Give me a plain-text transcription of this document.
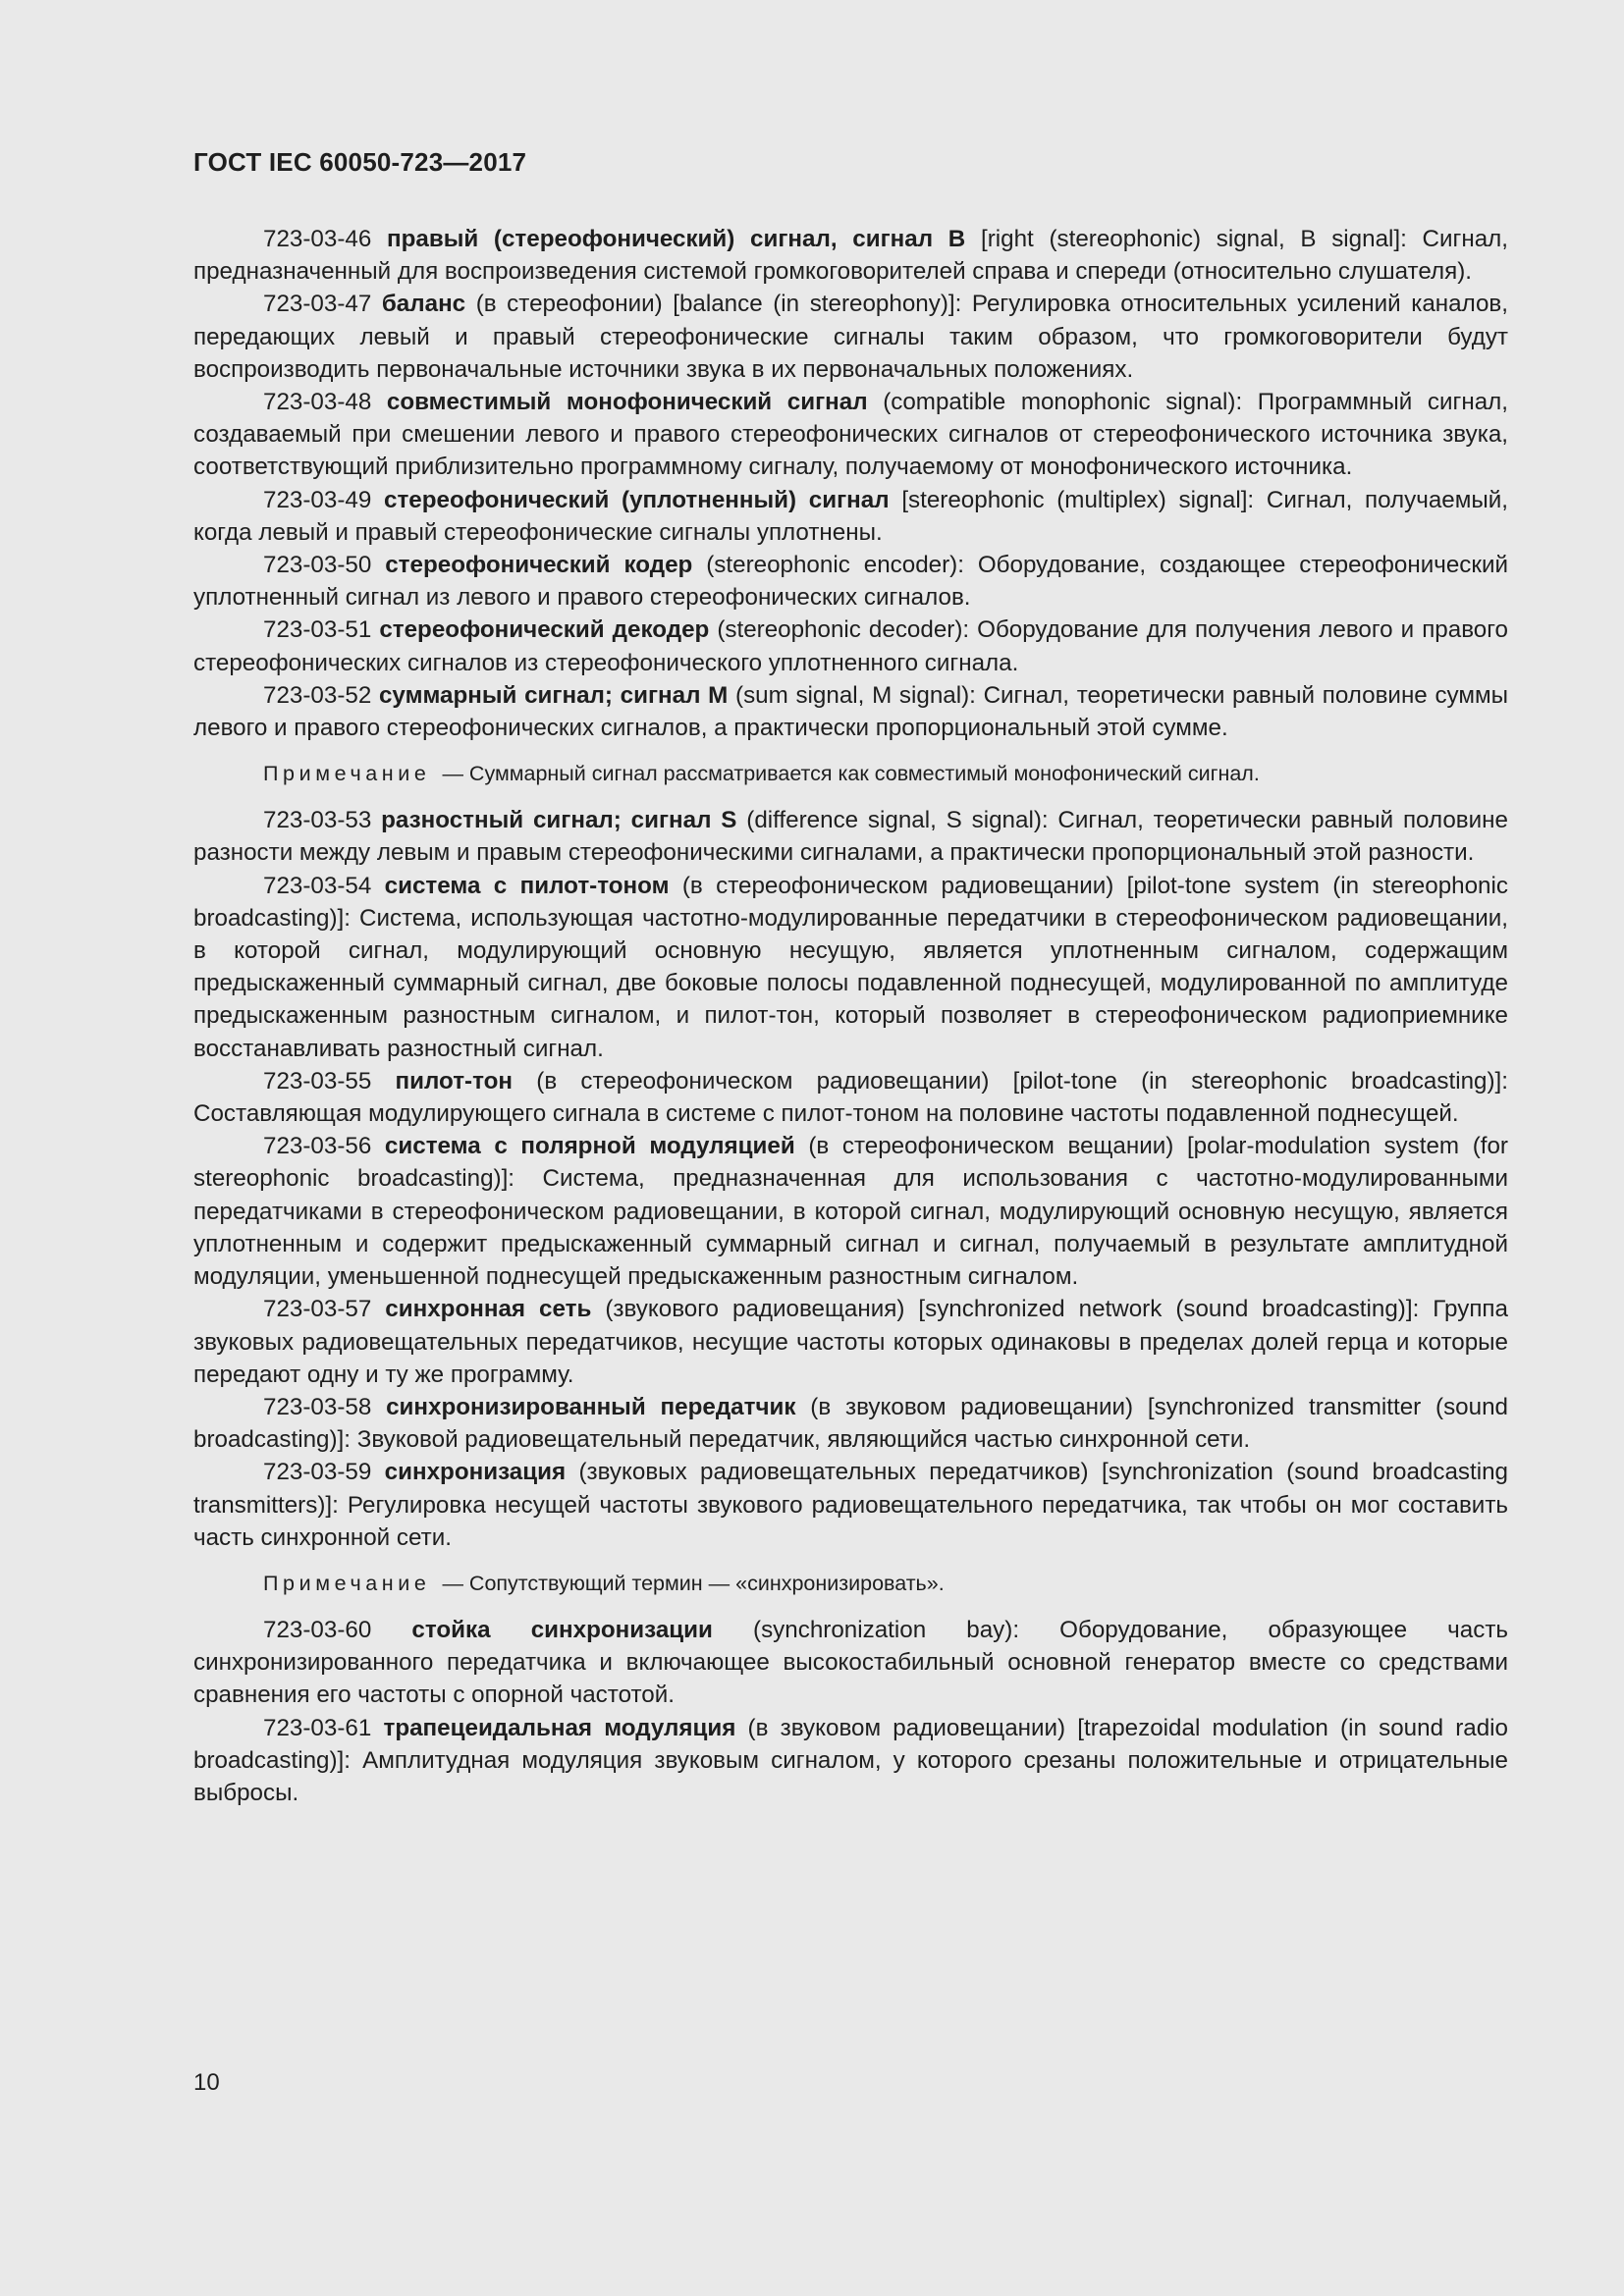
ГОСТ IEC 60050-723—2017

723-03-46 правый (стереофонический) сигнал, сигнал B [right (stereophonic) signal, B signal]: Сигнал, предназначенный для воспроизведения системой громкоговорителей справа и спереди (относительно слушателя).

723-03-47 баланс (в стереофонии) [balance (in stereophony)]: Регулировка относительных усилений каналов, передающих левый и правый стереофонические сигналы таким образом, что громкоговорители будут воспроизводить первоначальные источники звука в их первоначальных положениях.

723-03-48 совместимый монофонический сигнал (compatible monophonic signal): Программный сигнал, создаваемый при смешении левого и правого стереофонических сигналов от стереофонического источника звука, соответствующий приблизительно программному сигналу, получаемому от монофонического источника.

723-03-49 стереофонический (уплотненный) сигнал [stereophonic (multiplex) signal]: Сигнал, получаемый, когда левый и правый стереофонические сигналы уплотнены.

723-03-50 стереофонический кодер (stereophonic encoder): Оборудование, создающее стереофонический уплотненный сигнал из левого и правого стереофонических сигналов.

723-03-51 стереофонический декодер (stereophonic decoder): Оборудование для получения левого и правого стереофонических сигналов из стереофонического уплотненного сигнала.

723-03-52 суммарный сигнал; сигнал M (sum signal, M signal): Сигнал, теоретически равный половине суммы левого и правого стереофонических сигналов, а практически пропорциональный этой сумме.

Примечание — Суммарный сигнал рассматривается как совместимый монофонический сигнал.

723-03-53 разностный сигнал; сигнал S (difference signal, S signal): Сигнал, теоретически равный половине разности между левым и правым стереофоническими сигналами, а практически пропорциональный этой разности.

723-03-54 система с пилот-тоном (в стереофоническом радиовещании) [pilot-tone system (in stereophonic broadcasting)]: Система, использующая частотно-модулированные передатчики в стереофоническом радиовещании, в которой сигнал, модулирующий основную несущую, является уплотненным сигналом, содержащим предыскаженный суммарный сигнал, две боковые полосы подавленной поднесущей, модулированной по амплитуде предыскаженным разностным сигналом, и пилот-тон, который позволяет в стереофоническом радиоприемнике восстанавливать разностный сигнал.

723-03-55 пилот-тон (в стереофоническом радиовещании) [pilot-tone (in stereophonic broadcasting)]: Составляющая модулирующего сигнала в системе с пилот-тоном на половине частоты подавленной поднесущей.

723-03-56 система с полярной модуляцией (в стереофоническом вещании) [polar-modulation system (for stereophonic broadcasting)]: Система, предназначенная для использования с частотно-модулированными передатчиками в стереофоническом радиовещании, в которой сигнал, модулирующий основную несущую, является уплотненным и содержит предыскаженный суммарный сигнал и сигнал, получаемый в результате амплитудной модуляции, уменьшенной поднесущей предыскаженным разностным сигналом.

723-03-57 синхронная сеть (звукового радиовещания) [synchronized network (sound broadcasting)]: Группа звуковых радиовещательных передатчиков, несущие частоты которых одинаковы в пределах долей герца и которые передают одну и ту же программу.

723-03-58 синхронизированный передатчик (в звуковом радиовещании) [synchronized transmitter (sound broadcasting)]: Звуковой радиовещательный передатчик, являющийся частью синхронной сети.

723-03-59 синхронизация (звуковых радиовещательных передатчиков) [synchronization (sound broadcasting transmitters)]: Регулировка несущей частоты звукового радиовещательного передатчика, так чтобы он мог составить часть синхронной сети.

Примечание — Сопутствующий термин — «синхронизировать».

723-03-60 стойка синхронизации (synchronization bay): Оборудование, образующее часть синхронизированного передатчика и включающее высокостабильный основной генератор вместе со средствами сравнения его частоты с опорной частотой.

723-03-61 трапецеидальная модуляция (в звуковом радиовещании) [trapezoidal modulation (in sound radio broadcasting)]: Амплитудная модуляция звуковым сигналом, у которого срезаны положительные и отрицательные выбросы.

10
